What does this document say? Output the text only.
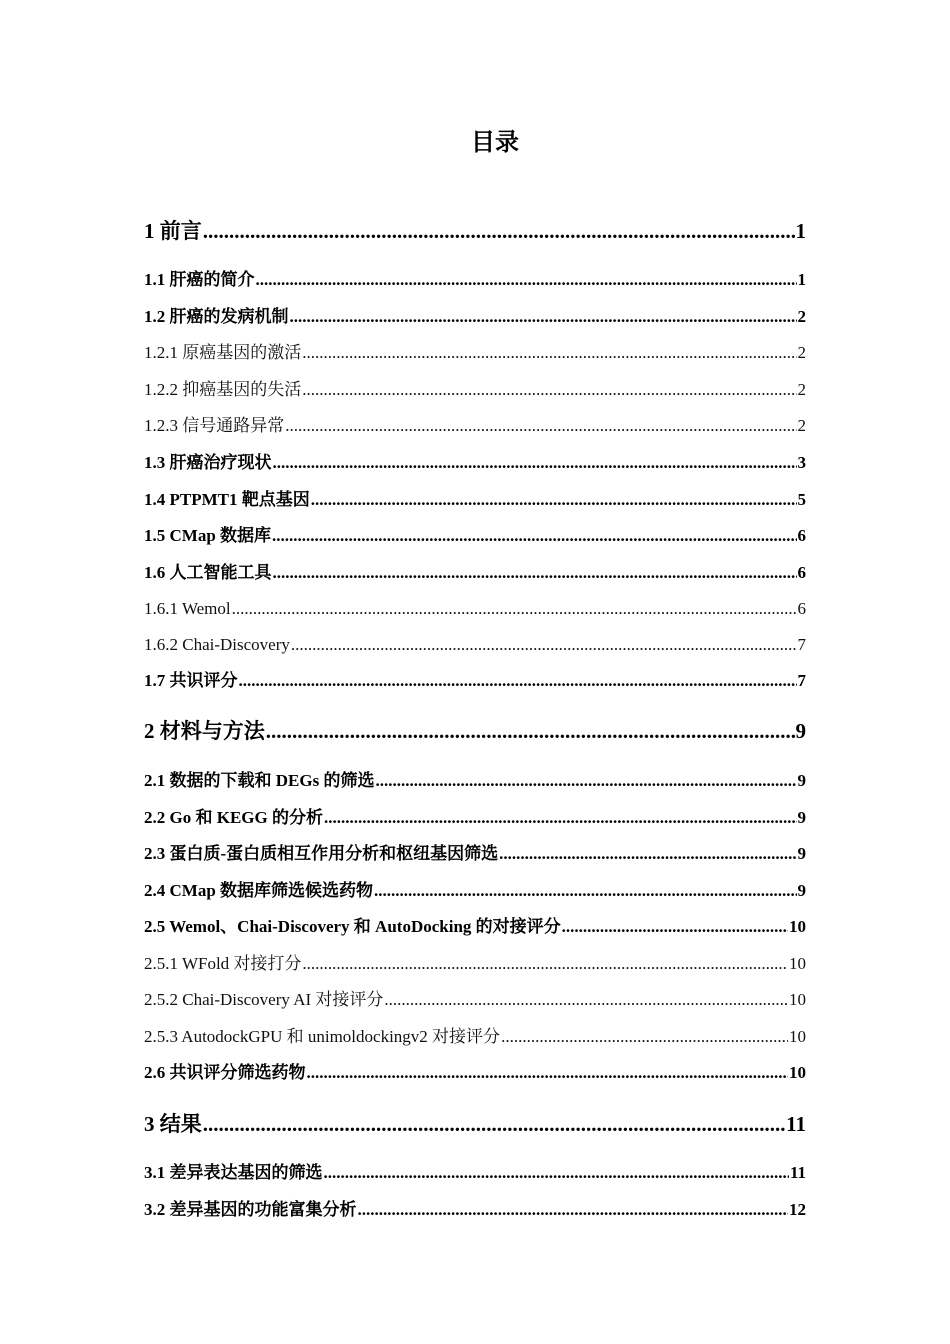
目录
1 前言 .....	1
1.1 肝癌的简介 .....	1
1.2 肝癌的发病机制 .....	2
1.2.1 原癌基因的激活 .....	2
1.2.2 抑癌基因的失活 .....	2
1.2.3 信号通路异常 .....	2
1.3 肝癌治疗现状 .....	3
1.4 PTPMT1 靶点基因 .....	5
1.5 CMap 数据库 .....	6
1.6 人工智能工具 .....	6
1.6.1 Wemol .....	6
1.6.2 Chai-Discovery .....	7
1.7 共识评分 .....	7
2 材料与方法 .....	9
2.1 数据的下载和 DEGs 的筛选 .....	9
2.2 Go 和 KEGG 的分析 .....	9
2.3 蛋白质-蛋白质相互作用分析和枢纽基因筛选 .....	9
2.4 CMap 数据库筛选候选药物 .....	9
2.5 Wemol、Chai-Discovery 和 AutoDocking 的对接评分 .....	10
2.5.1 WFold 对接打分 .....	10
2.5.2 Chai-Discovery AI 对接评分 .....	10
2.5.3 AutodockGPU 和 unimoldockingv2 对接评分 .....	10
2.6 共识评分筛选药物 .....	10
3 结果 .....	11
3.1 差异表达基因的筛选 .....	11
3.2 差异基因的功能富集分析 .....	12
